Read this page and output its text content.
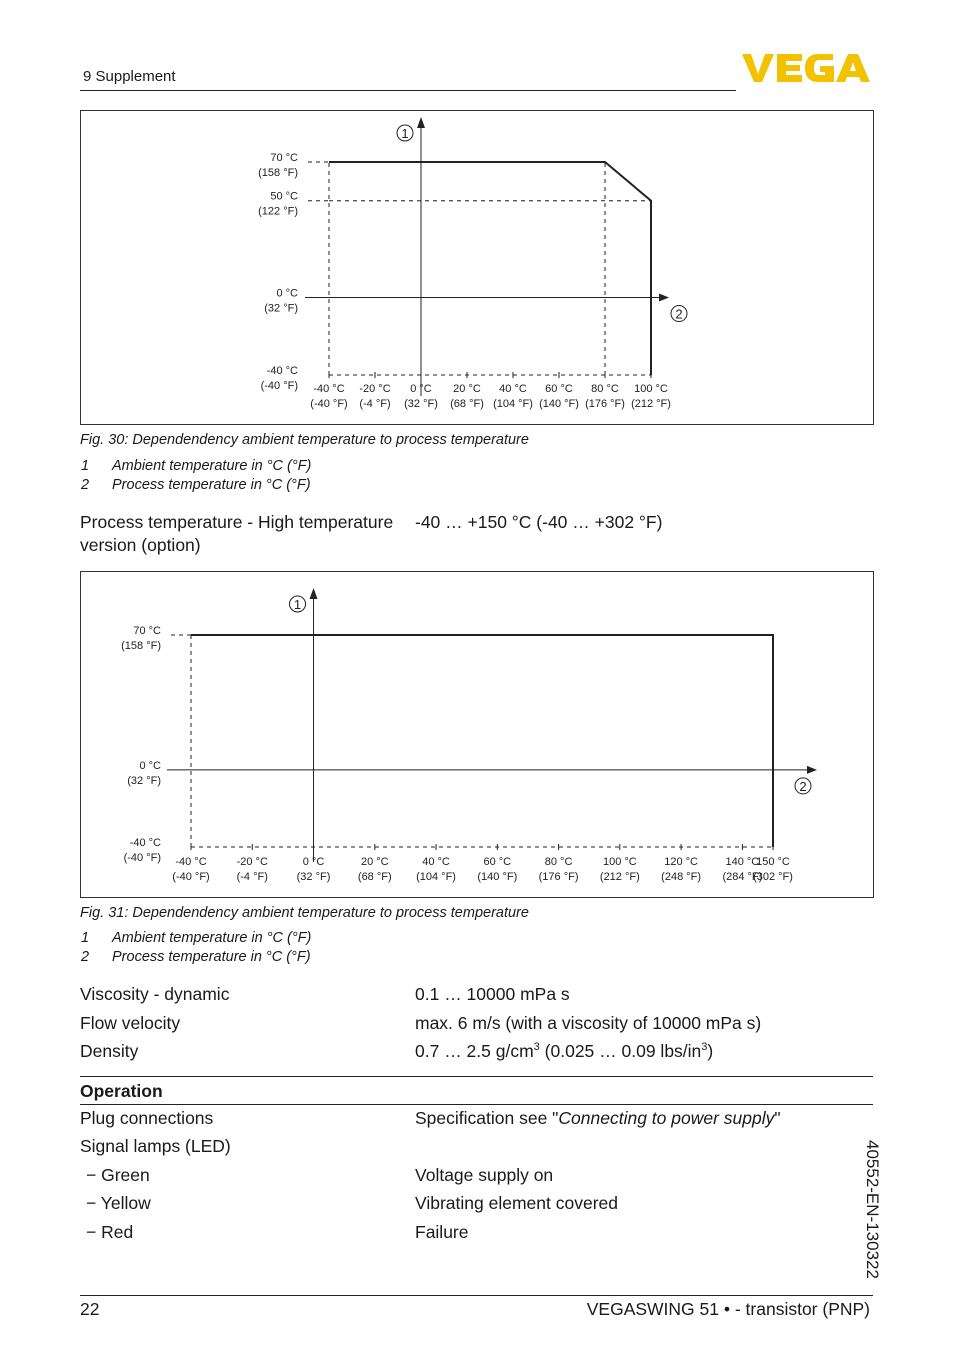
9 Supplement
-40 °C
(-40 °F)
-20 °C
(-4 °F)
0 °C
(32 °F)
20 °C
(68 °F)
40 °C
(104 °F)
60 °C
(140 °F)
80 °C
(176 °F)
100 °C
(212 °F)
70 °C
(158 °F)
50 °C
(122 °F)
0 °C
(32 °F)
-40 °C
(-40 °F)
1
2
Fig. 30: Dependendency ambient temperature to process temperature
1 Ambient temperature in °C (°F)
2 Process temperature in °C (°F)
Process temperature - High temperature
version (option)
-40 … +150 °C (-40 … +302 °F)
-40 °C
(-40 °F)
-20 °C
(-4 °F)
0 °C
(32 °F)
20 °C
(68 °F)
40 °C
(104 °F)
60 °C
(140 °F)
80 °C
(176 °F)
100 °C
(212 °F)
120 °C
(248 °F)
140 °C
(284 °F)
150 °C
(302 °F)
70 °C
(158 °F)
0 °C
(32 °F)
-40 °C
(-40 °F)
1
2
Fig. 31: Dependendency ambient temperature to process temperature
1 Ambient temperature in °C (°F)
2 Process temperature in °C (°F)
Viscosity - dynamic	0.1 … 10000 mPa s
Flow velocity	max. 6 m/s (with a viscosity of 10000 mPa s)
Density	0.7 … 2.5 $g/cm^3$ (0.025 … 0.09 lbs/$in^3$)
Operation
Plug connections	Specification see "Connecting to power supply"
Signal lamps (LED)
− Green	Voltage supply on
− Yellow	Vibrating element covered
− Red	Failure	40552-EN-130322
22	VEGASWING 51 • - transistor (PNP)
